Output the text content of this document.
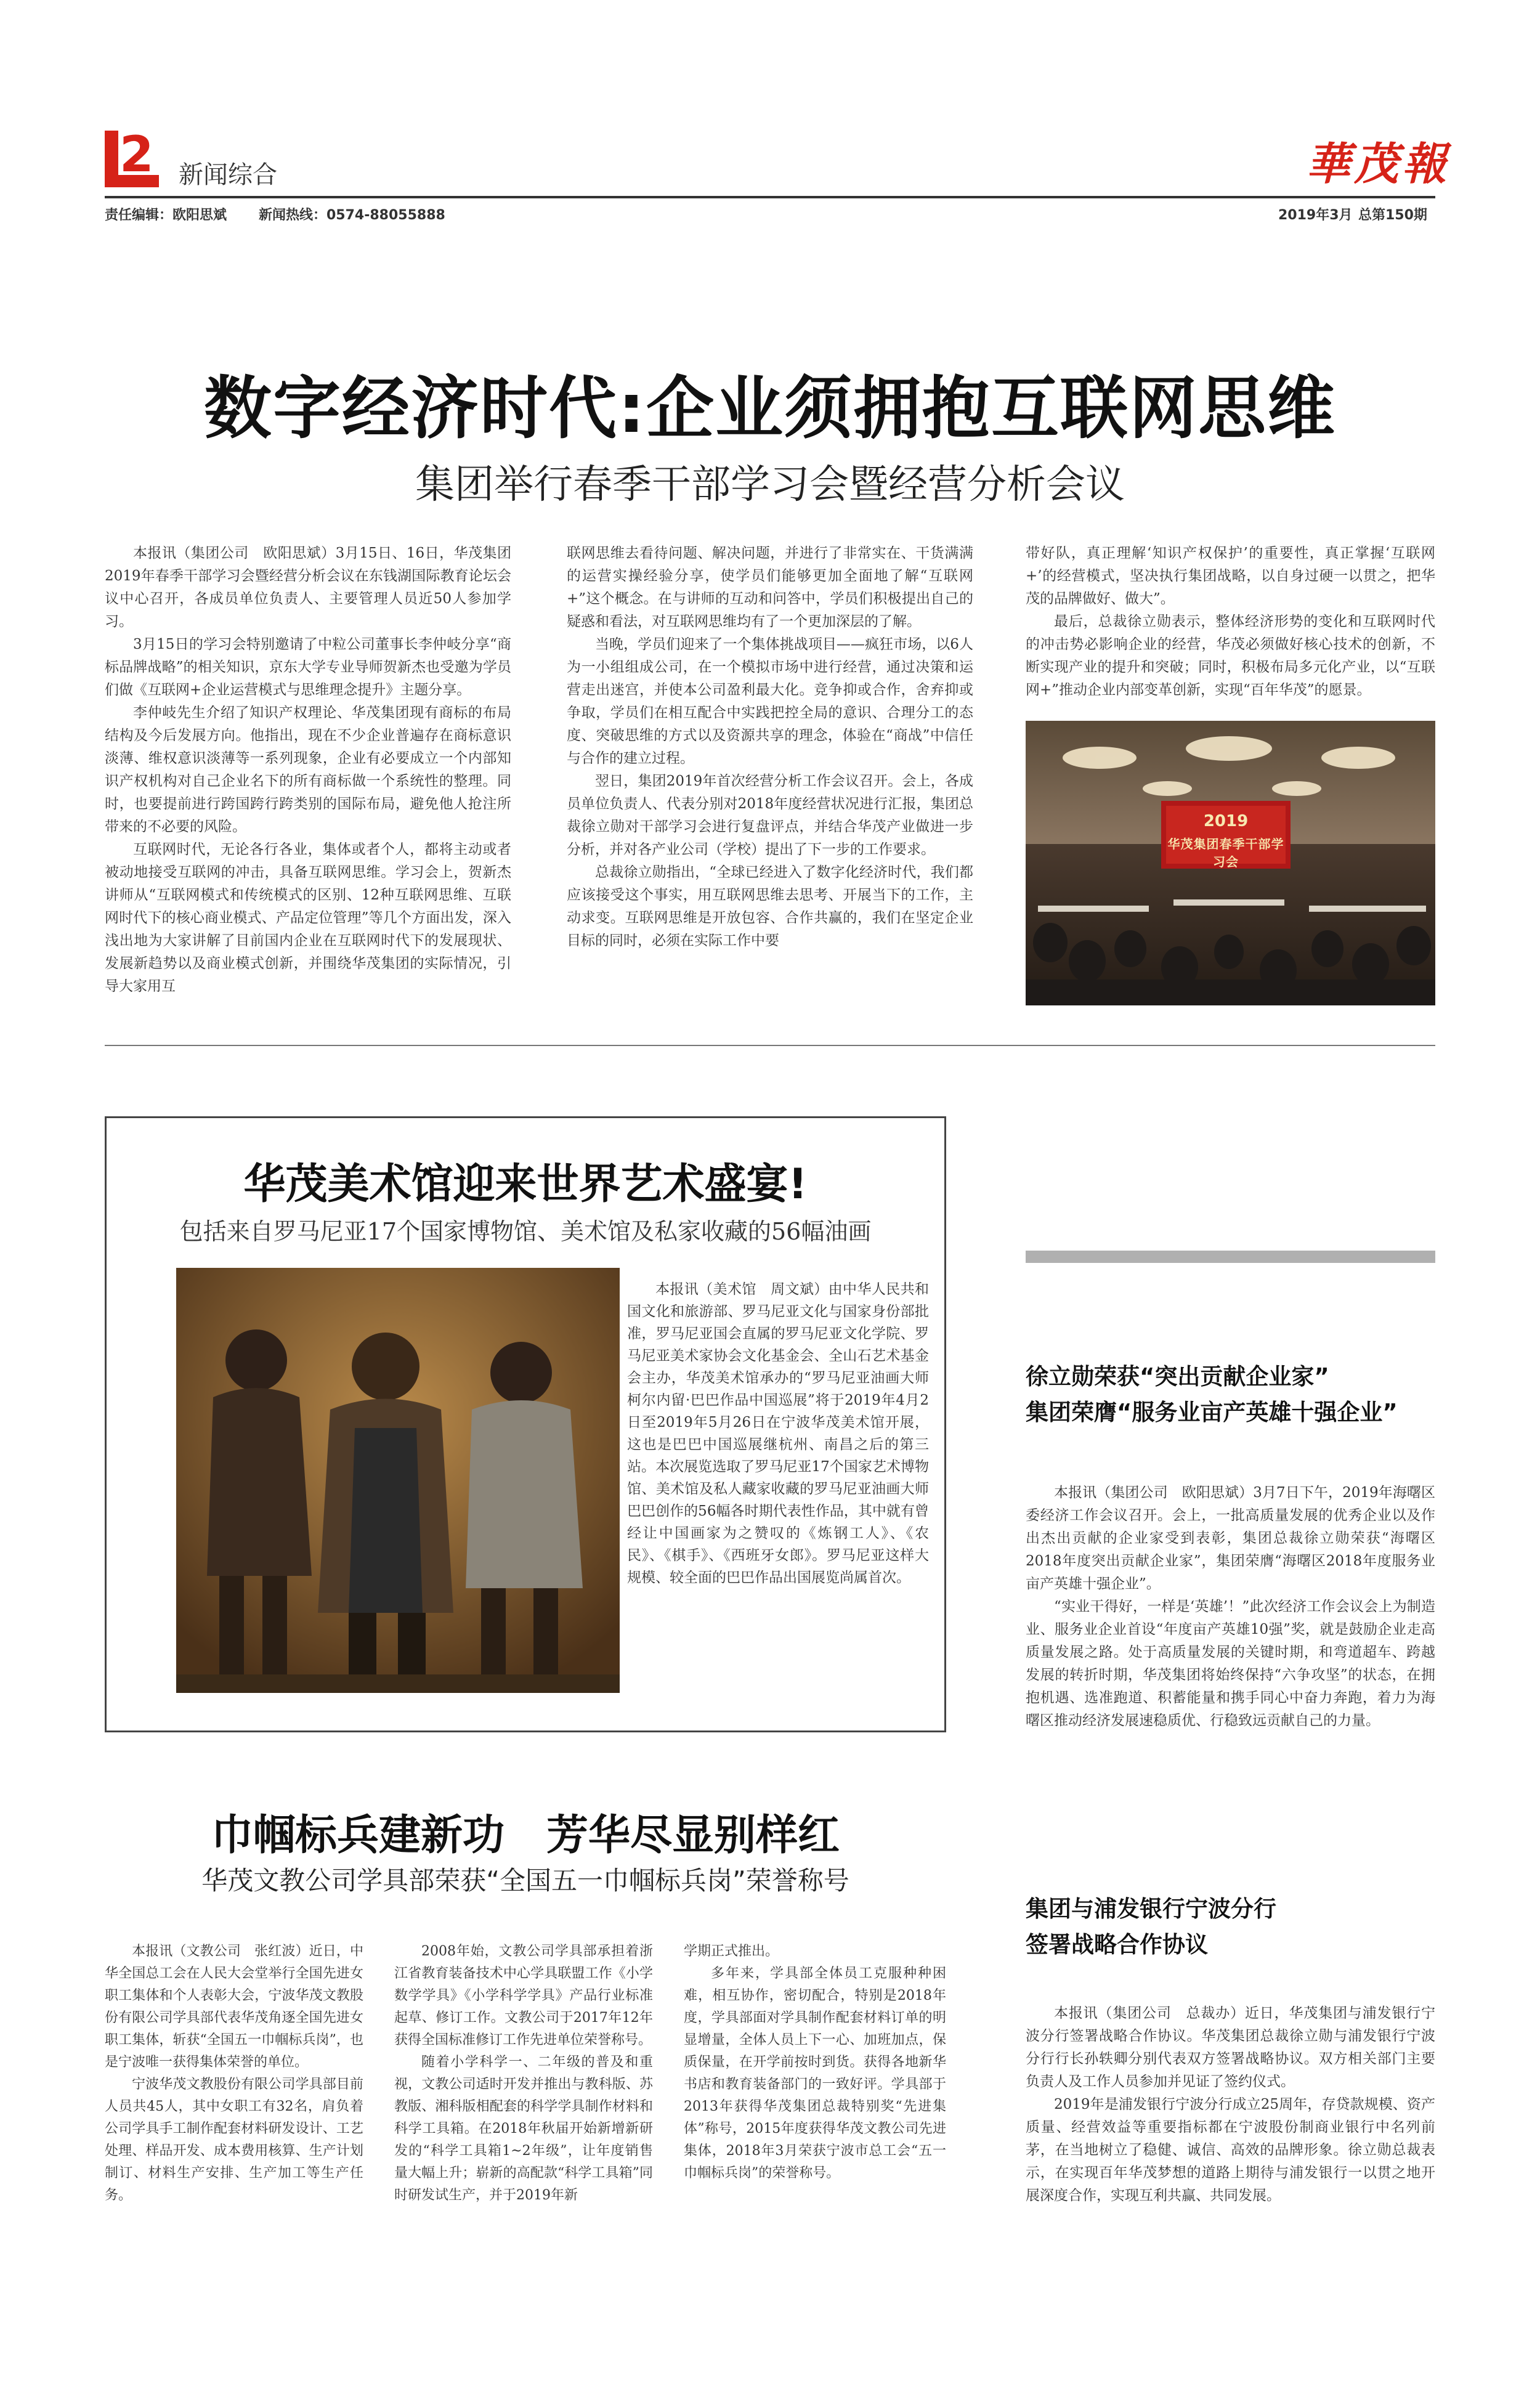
2 新闻综合	華茂報
责任编辑：欧阳思斌 新闻热线：0574-88055888	2019年3月 总第150期
数字经济时代:企业须拥抱互联网思维
集团举行春季干部学习会暨经营分析会议

本报讯（集团公司　欧阳思斌）3月15日、16日，华茂集团2019年春季干部学习会暨经营分析会议在东钱湖国际教育论坛会议中心召开，各成员单位负责人、主要管理人员近50人参加学习。

3月15日的学习会特别邀请了中粒公司董事长李仲岐分享“商标品牌战略”的相关知识，京东大学专业导师贺新杰也受邀为学员们做《互联网+企业运营模式与思维理念提升》主题分享。

李仲岐先生介绍了知识产权理论、华茂集团现有商标的布局结构及今后发展方向。他指出，现在不少企业普遍存在商标意识淡薄、维权意识淡薄等一系列现象，企业有必要成立一个内部知识产权机构对自己企业名下的所有商标做一个系统性的整理。同时，也要提前进行跨国跨行跨类别的国际布局，避免他人抢注所带来的不必要的风险。

互联网时代，无论各行各业，集体或者个人，都将主动或者被动地接受互联网的冲击，具备互联网思维。学习会上，贺新杰讲师从“互联网模式和传统模式的区别、12种互联网思维、互联网时代下的核心商业模式、产品定位管理”等几个方面出发，深入浅出地为大家讲解了目前国内企业在互联网时代下的发展现状、发展新趋势以及商业模式创新，并围绕华茂集团的实际情况，引导大家用互

联网思维去看待问题、解决问题，并进行了非常实在、干货满满的运营实操经验分享，使学员们能够更加全面地了解“互联网+”这个概念。在与讲师的互动和问答中，学员们积极提出自己的疑惑和看法，对互联网思维均有了一个更加深层的了解。

当晚，学员们迎来了一个集体挑战项目——疯狂市场，以6人为一小组组成公司，在一个模拟市场中进行经营，通过决策和运营走出迷宫，并使本公司盈利最大化。竞争抑或合作，舍弃抑或争取，学员们在相互配合中实践把控全局的意识、合理分工的态度、突破思维的方式以及资源共享的理念，体验在“商战”中信任与合作的建立过程。

翌日，集团2019年首次经营分析工作会议召开。会上，各成员单位负责人、代表分别对2018年度经营状况进行汇报，集团总裁徐立勋对干部学习会进行复盘评点，并结合华茂产业做进一步分析，并对各产业公司（学校）提出了下一步的工作要求。

总裁徐立勋指出，“全球已经进入了数字化经济时代，我们都应该接受这个事实，用互联网思维去思考、开展当下的工作，主动求变。互联网思维是开放包容、合作共赢的，我们在坚定企业目标的同时，必须在实际工作中要

带好队，真正理解‘知识产权保护’的重要性，真正掌握‘互联网+’的经营模式，坚决执行集团战略，以自身过硬一以贯之，把华茂的品牌做好、做大”。

最后，总裁徐立勋表示，整体经济形势的变化和互联网时代的冲击势必影响企业的经营，华茂必须做好核心技术的创新，不断实现产业的提升和突破；同时，积极布局多元化产业，以“互联网+”推动企业内部变革创新，实现“百年华茂”的愿景。

2019
华茂集团春季干部学习会
华茂美术馆迎来世界艺术盛宴!
包括来自罗马尼亚17个国家博物馆、美术馆及私家收藏的56幅油画

本报讯（美术馆　周文斌）由中华人民共和国文化和旅游部、罗马尼亚文化与国家身份部批准，罗马尼亚国会直属的罗马尼亚文化学院、罗马尼亚美术家协会文化基金会、全山石艺术基金会主办，华茂美术馆承办的“罗马尼亚油画大师柯尔内留·巴巴作品中国巡展”将于2019年4月2日至2019年5月26日在宁波华茂美术馆开展，这也是巴巴中国巡展继杭州、南昌之后的第三站。本次展览选取了罗马尼亚17个国家艺术博物馆、美术馆及私人藏家收藏的罗马尼亚油画大师巴巴创作的56幅各时期代表性作品，其中就有曾经让中国画家为之赞叹的《炼钢工人》、《农民》、《棋手》、《西班牙女郎》。罗马尼亚这样大规模、较全面的巴巴作品出国展览尚属首次。

徐立勋荣获“突出贡献企业家”
集团荣膺“服务业亩产英雄十强企业”

本报讯（集团公司　欧阳思斌）3月7日下午，2019年海曙区委经济工作会议召开。会上，一批高质量发展的优秀企业以及作出杰出贡献的企业家受到表彰，集团总裁徐立勋荣获“海曙区2018年度突出贡献企业家”，集团荣膺“海曙区2018年度服务业亩产英雄十强企业”。

“实业干得好，一样是‘英雄’！”此次经济工作会议会上为制造业、服务业企业首设“年度亩产英雄10强”奖，就是鼓励企业走高质量发展之路。处于高质量发展的关键时期，和弯道超车、跨越发展的转折时期，华茂集团将始终保持“六争攻坚”的状态，在拥抱机遇、选准跑道、积蓄能量和携手同心中奋力奔跑，着力为海曙区推动经济发展速稳质优、行稳致远贡献自己的力量。

集团与浦发银行宁波分行
签署战略合作协议

本报讯（集团公司　总裁办）近日，华茂集团与浦发银行宁波分行签署战略合作协议。华茂集团总裁徐立勋与浦发银行宁波分行行长孙轶卿分别代表双方签署战略协议。双方相关部门主要负责人及工作人员参加并见证了签约仪式。

2019年是浦发银行宁波分行成立25周年，存贷款规模、资产质量、经营效益等重要指标都在宁波股份制商业银行中名列前茅，在当地树立了稳健、诚信、高效的品牌形象。徐立勋总裁表示，在实现百年华茂梦想的道路上期待与浦发银行一以贯之地开展深度合作，实现互利共赢、共同发展。

巾帼标兵建新功　芳华尽显别样红
华茂文教公司学具部荣获“全国五一巾帼标兵岗”荣誉称号

本报讯（文教公司　张红波）近日，中华全国总工会在人民大会堂举行全国先进女职工集体和个人表彰大会，宁波华茂文教股份有限公司学具部代表华茂角逐全国先进女职工集体，斩获“全国五一巾帼标兵岗”，也是宁波唯一获得集体荣誉的单位。

宁波华茂文教股份有限公司学具部目前人员共45人，其中女职工有32名，肩负着公司学具手工制作配套材料研发设计、工艺处理、样品开发、成本费用核算、生产计划制订、材料生产安排、生产加工等生产任务。

2008年始，文教公司学具部承担着浙江省教育装备技术中心学具联盟工作《小学数学学具》《小学科学学具》产品行业标准起草、修订工作。文教公司于2017年12年获得全国标准修订工作先进单位荣誉称号。

随着小学科学一、二年级的普及和重视，文教公司适时开发并推出与教科版、苏教版、湘科版相配套的科学学具制作材料和科学工具箱。在2018年秋届开始新增新研发的“科学工具箱1~2年级”，让年度销售量大幅上升；崭新的高配款“科学工具箱”同时研发试生产，并于2019年新

学期正式推出。

多年来，学具部全体员工克服种种困难，相互协作，密切配合，特别是2018年度，学具部面对学具制作配套材料订单的明显增量，全体人员上下一心、加班加点，保质保量，在开学前按时到货。获得各地新华书店和教育装备部门的一致好评。学具部于2013年获得华茂集团总裁特别奖“先进集体”称号，2015年度获得华茂文教公司先进集体，2018年3月荣获宁波市总工会“五一巾帼标兵岗”的荣誉称号。
